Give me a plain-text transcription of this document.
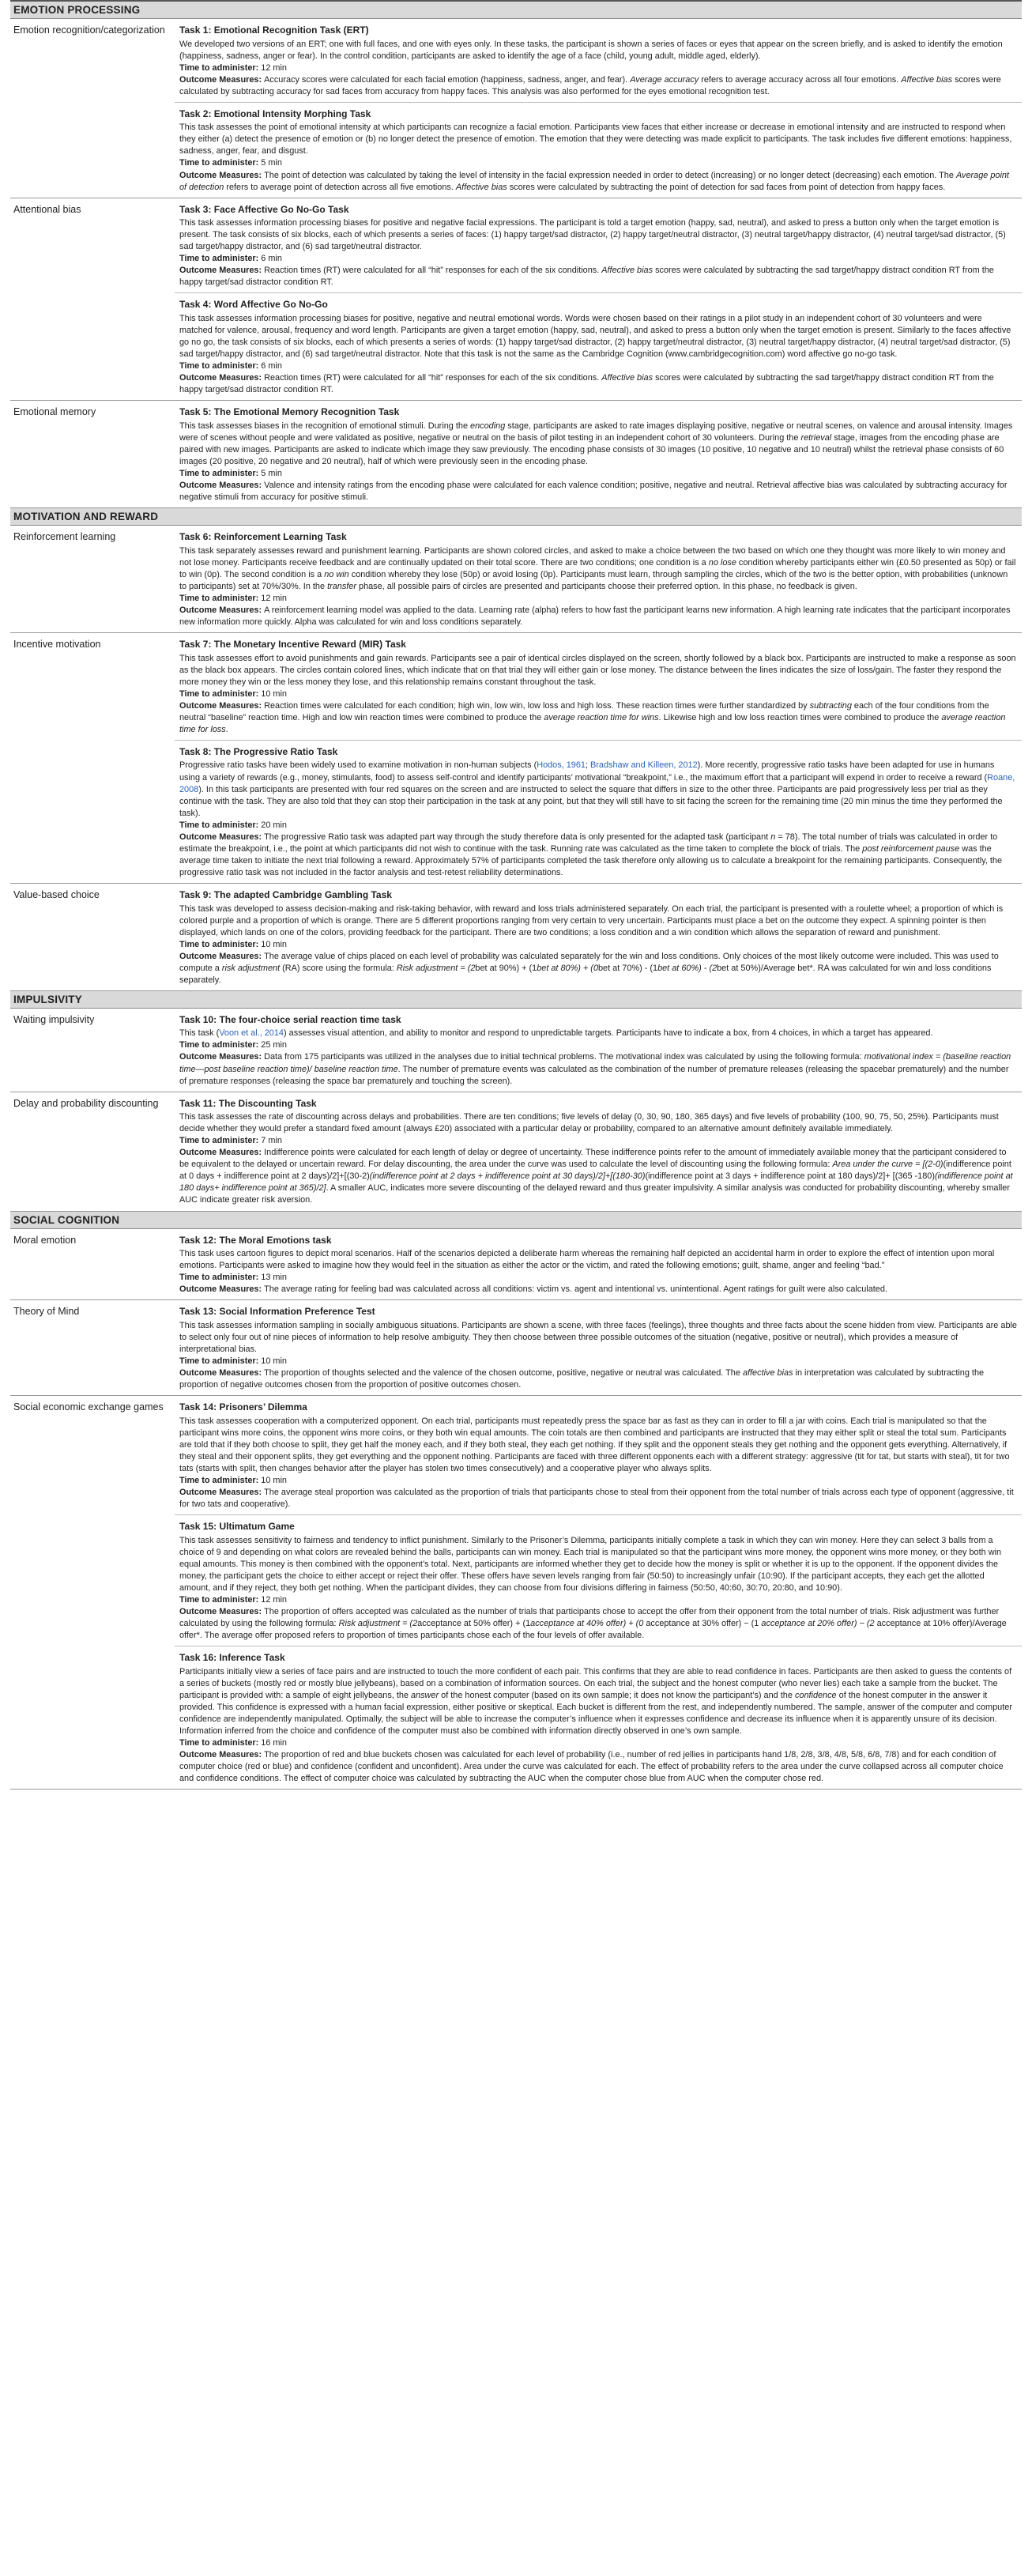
EMOTION PROCESSING
Emotion recognition/categorization	Task 1: Emotional Recognition Task (ERT)

We developed two versions of an ERT; one with full faces, and one with eyes only. In these tasks, the participant is shown a series of faces or eyes that appear on the screen briefly, and is asked to identify the emotion (happiness, sadness, anger or fear). In the control condition, participants are asked to identify the age of a face (child, young adult, middle aged, elderly).

Time to administer: 12 min

Outcome Measures: Accuracy scores were calculated for each facial emotion (happiness, sadness, anger, and fear). Average accuracy refers to average accuracy across all four emotions. Affective bias scores were calculated by subtracting accuracy for sad faces from accuracy from happy faces. This analysis was also performed for the eyes emotional recognition test.

Task 2: Emotional Intensity Morphing Task

This task assesses the point of emotional intensity at which participants can recognize a facial emotion. Participants view faces that either increase or decrease in emotional intensity and are instructed to respond when they either (a) detect the presence of emotion or (b) no longer detect the presence of emotion. The emotion that they were detecting was made explicit to participants. The task includes five different emotions: happiness, sadness, anger, fear, and disgust.

Time to administer: 5 min

Outcome Measures: The point of detection was calculated by taking the level of intensity in the facial expression needed in order to detect (increasing) or no longer detect (decreasing) each emotion. The Average point of detection refers to average point of detection across all five emotions. Affective bias scores were calculated by subtracting the point of detection for sad faces from point of detection from happy faces.

Attentional bias	Task 3: Face Affective Go No-Go Task

This task assesses information processing biases for positive and negative facial expressions. The participant is told a target emotion (happy, sad, neutral), and asked to press a button only when the target emotion is present. The task consists of six blocks, each of which presents a series of faces: (1) happy target/sad distractor, (2) happy target/neutral distractor, (3) neutral target/happy distractor, (4) neutral target/sad distractor, (5) sad target/happy distractor, and (6) sad target/neutral distractor.

Time to administer: 6 min

Outcome Measures: Reaction times (RT) were calculated for all “hit” responses for each of the six conditions. Affective bias scores were calculated by subtracting the sad target/happy distract condition RT from the happy target/sad distractor condition RT.

Task 4: Word Affective Go No-Go

This task assesses information processing biases for positive, negative and neutral emotional words. Words were chosen based on their ratings in a pilot study in an independent cohort of 30 volunteers and were matched for valence, arousal, frequency and word length. Participants are given a target emotion (happy, sad, neutral), and asked to press a button only when the target emotion is present. Similarly to the faces affective go no go, the task consists of six blocks, each of which presents a series of words: (1) happy target/sad distractor, (2) happy target/neutral distractor, (3) neutral target/happy distractor, (4) neutral target/sad distractor, (5) sad target/happy distractor, and (6) sad target/neutral distractor. Note that this task is not the same as the Cambridge Cognition (www.cambridgecognition.com) word affective go no-go task.

Time to administer: 6 min

Outcome Measures: Reaction times (RT) were calculated for all “hit” responses for each of the six conditions. Affective bias scores were calculated by subtracting the sad target/happy distract condition RT from the happy target/sad distractor condition RT.

Emotional memory	Task 5: The Emotional Memory Recognition Task

This task assesses biases in the recognition of emotional stimuli. During the encoding stage, participants are asked to rate images displaying positive, negative or neutral scenes, on valence and arousal intensity. Images were of scenes without people and were validated as positive, negative or neutral on the basis of pilot testing in an independent cohort of 30 volunteers. During the retrieval stage, images from the encoding phase are paired with new images. Participants are asked to indicate which image they saw previously. The encoding phase consists of 30 images (10 positive, 10 negative and 10 neutral) whilst the retrieval phase consists of 60 images (20 positive, 20 negative and 20 neutral), half of which were previously seen in the encoding phase.

Time to administer: 5 min

Outcome Measures: Valence and intensity ratings from the encoding phase were calculated for each valence condition; positive, negative and neutral. Retrieval affective bias was calculated by subtracting accuracy for negative stimuli from accuracy for positive stimuli.

MOTIVATION AND REWARD
Reinforcement learning	Task 6: Reinforcement Learning Task

This task separately assesses reward and punishment learning. Participants are shown colored circles, and asked to make a choice between the two based on which one they thought was more likely to win money and not lose money. Participants receive feedback and are continually updated on their total score. There are two conditions; one condition is a no lose condition whereby participants either win (£0.50 presented as 50p) or fail to win (0p). The second condition is a no win condition whereby they lose (50p) or avoid losing (0p). Participants must learn, through sampling the circles, which of the two is the better option, with probabilities (unknown to participants) set at 70%/30%. In the transfer phase, all possible pairs of circles are presented and participants choose their preferred option. In this phase, no feedback is given.

Time to administer: 12 min

Outcome Measures: A reinforcement learning model was applied to the data. Learning rate (alpha) refers to how fast the participant learns new information. A high learning rate indicates that the participant incorporates new information more quickly. Alpha was calculated for win and loss conditions separately.

Incentive motivation	Task 7: The Monetary Incentive Reward (MIR) Task

This task assesses effort to avoid punishments and gain rewards. Participants see a pair of identical circles displayed on the screen, shortly followed by a black box. Participants are instructed to make a response as soon as the black box appears. The circles contain colored lines, which indicate that on that trial they will either gain or lose money. The distance between the lines indicates the size of loss/gain. The faster they respond the more money they win or the less money they lose, and this relationship remains constant throughout the task.

Time to administer: 10 min

Outcome Measures: Reaction times were calculated for each condition; high win, low win, low loss and high loss. These reaction times were further standardized by subtracting each of the four conditions from the neutral “baseline” reaction time. High and low win reaction times were combined to produce the average reaction time for wins. Likewise high and low loss reaction times were combined to produce the average reaction time for loss.

Task 8: The Progressive Ratio Task

Progressive ratio tasks have been widely used to examine motivation in non-human subjects (Hodos, 1961; Bradshaw and Killeen, 2012). More recently, progressive ratio tasks have been adapted for use in humans using a variety of rewards (e.g., money, stimulants, food) to assess self-control and identify participants’ motivational “breakpoint,” i.e., the maximum effort that a participant will expend in order to receive a reward (Roane, 2008). In this task participants are presented with four red squares on the screen and are instructed to select the square that differs in size to the other three. Participants are paid progressively less per trial as they continue with the task. They are also told that they can stop their participation in the task at any point, but that they will still have to sit facing the screen for the remaining time (20 min minus the time they performed the task).

Time to administer: 20 min

Outcome Measures: The progressive Ratio task was adapted part way through the study therefore data is only presented for the adapted task (participant n = 78). The total number of trials was calculated in order to estimate the breakpoint, i.e., the point at which participants did not wish to continue with the task. Running rate was calculated as the time taken to complete the block of trials. The post reinforcement pause was the average time taken to initiate the next trial following a reward. Approximately 57% of participants completed the task therefore only allowing us to calculate a breakpoint for the remaining participants. Consequently, the progressive ratio task was not included in the factor analysis and test-retest reliability determinations.

Value-based choice	Task 9: The adapted Cambridge Gambling Task

This task was developed to assess decision-making and risk-taking behavior, with reward and loss trials administered separately. On each trial, the participant is presented with a roulette wheel; a proportion of which is colored purple and a proportion of which is orange. There are 5 different proportions ranging from very certain to very uncertain. Participants must place a bet on the outcome they expect. A spinning pointer is then displayed, which lands on one of the colors, providing feedback for the participant. There are two conditions; a loss condition and a win condition which allows the separation of reward and punishment.

Time to administer: 10 min

Outcome Measures: The average value of chips placed on each level of probability was calculated separately for the win and loss conditions. Only choices of the most likely outcome were included. This was used to compute a risk adjustment (RA) score using the formula: Risk adjustment = (2bet at 90%) + (1bet at 80%) + (0bet at 70%) - (1bet at 60%) - (2bet at 50%)/Average bet*. RA was calculated for win and loss conditions separately.

IMPULSIVITY
Waiting impulsivity	Task 10: The four-choice serial reaction time task

This task (Voon et al., 2014) assesses visual attention, and ability to monitor and respond to unpredictable targets. Participants have to indicate a box, from 4 choices, in which a target has appeared.

Time to administer: 25 min

Outcome Measures: Data from 175 participants was utilized in the analyses due to initial technical problems. The motivational index was calculated by using the following formula: motivational index = (baseline reaction time—post baseline reaction time)/ baseline reaction time. The number of premature events was calculated as the combination of the number of premature releases (releasing the spacebar prematurely) and the number of premature responses (releasing the space bar prematurely and touching the screen).

Delay and probability discounting	Task 11: The Discounting Task

This task assesses the rate of discounting across delays and probabilities. There are ten conditions; five levels of delay (0, 30, 90, 180, 365 days) and five levels of probability (100, 90, 75, 50, 25%). Participants must decide whether they would prefer a standard fixed amount (always £20) associated with a particular delay or probability, compared to an alternative amount definitely available immediately.

Time to administer: 7 min

Outcome Measures: Indifference points were calculated for each length of delay or degree of uncertainty. These indifference points refer to the amount of immediately available money that the participant considered to be equivalent to the delayed or uncertain reward. For delay discounting, the area under the curve was used to calculate the level of discounting using the following formula: Area under the curve = [(2-0)(indifference point at 0 days + indifference point at 2 days)/2]+[(30-2)(indifference point at 2 days + indifference point at 30 days)/2]+[(180-30)(indifference point at 3 days + indifference point at 180 days)/2]+ [(365 -180)(indifference point at 180 days+ indifference point at 365)/2]. A smaller AUC, indicates more severe discounting of the delayed reward and thus greater impulsivity. A similar analysis was conducted for probability discounting, whereby smaller AUC indicate greater risk aversion.

SOCIAL COGNITION
Moral emotion	Task 12: The Moral Emotions task

This task uses cartoon figures to depict moral scenarios. Half of the scenarios depicted a deliberate harm whereas the remaining half depicted an accidental harm in order to explore the effect of intention upon moral emotions. Participants were asked to imagine how they would feel in the situation as either the actor or the victim, and rated the following emotions; guilt, shame, anger and feeling “bad.”

Time to administer: 13 min

Outcome Measures: The average rating for feeling bad was calculated across all conditions: victim vs. agent and intentional vs. unintentional. Agent ratings for guilt were also calculated.

Theory of Mind	Task 13: Social Information Preference Test

This task assesses information sampling in socially ambiguous situations. Participants are shown a scene, with three faces (feelings), three thoughts and three facts about the scene hidden from view. Participants are able to select only four out of nine pieces of information to help resolve ambiguity. They then choose between three possible outcomes of the situation (negative, positive or neutral), which provides a measure of interpretational bias.

Time to administer: 10 min

Outcome Measures: The proportion of thoughts selected and the valence of the chosen outcome, positive, negative or neutral was calculated. The affective bias in interpretation was calculated by subtracting the proportion of negative outcomes chosen from the proportion of positive outcomes chosen.

Social economic exchange games	Task 14: Prisoners’ Dilemma

This task assesses cooperation with a computerized opponent. On each trial, participants must repeatedly press the space bar as fast as they can in order to fill a jar with coins. Each trial is manipulated so that the participant wins more coins, the opponent wins more coins, or they both win equal amounts. The coin totals are then combined and participants are instructed that they may either split or steal the total sum. Participants are told that if they both choose to split, they get half the money each, and if they both steal, they each get nothing. If they split and the opponent steals they get nothing and the opponent gets everything. Alternatively, if they steal and their opponent splits, they get everything and the opponent nothing. Participants are faced with three different opponents each with a different strategy: aggressive (tit for tat, but starts with steal), tit for two tats (starts with split, then changes behavior after the player has stolen two times consecutively) and a cooperative player who always splits.

Time to administer: 10 min

Outcome Measures: The average steal proportion was calculated as the proportion of trials that participants chose to steal from their opponent from the total number of trials across each type of opponent (aggressive, tit for two tats and cooperative).

Task 15: Ultimatum Game

This task assesses sensitivity to fairness and tendency to inflict punishment. Similarly to the Prisoner’s Dilemma, participants initially complete a task in which they can win money. Here they can select 3 balls from a choice of 9 and depending on what colors are revealed behind the balls, participants can win money. Each trial is manipulated so that the participant wins more money, the opponent wins more money, or they both win equal amounts. This money is then combined with the opponent’s total. Next, participants are informed whether they get to decide how the money is split or whether it is up to the opponent. If the opponent divides the money, the participant gets the choice to either accept or reject their offer. These offers have seven levels ranging from fair (50:50) to increasingly unfair (10:90). If the participant accepts, they each get the allotted amount, and if they reject, they both get nothing. When the participant divides, they can choose from four divisions differing in fairness (50:50, 40:60, 30:70, 20:80, and 10:90).

Time to administer: 12 min

Outcome Measures: The proportion of offers accepted was calculated as the number of trials that participants chose to accept the offer from their opponent from the total number of trials. Risk adjustment was further calculated by using the following formula: Risk adjustment = (2acceptance at 50% offer) + (1acceptance at 40% offer) + (0 acceptance at 30% offer) − (1 acceptance at 20% offer) − (2 acceptance at 10% offer)/Average offer*. The average offer proposed refers to proportion of times participants chose each of the four levels of offer available.

Task 16: Inference Task

Participants initially view a series of face pairs and are instructed to touch the more confident of each pair. This confirms that they are able to read confidence in faces. Participants are then asked to guess the contents of a series of buckets (mostly red or mostly blue jellybeans), based on a combination of information sources. On each trial, the subject and the honest computer (who never lies) each take a sample from the bucket. The participant is provided with: a sample of eight jellybeans, the answer of the honest computer (based on its own sample; it does not know the participant’s) and the confidence of the honest computer in the answer it provided. This confidence is expressed with a human facial expression, either positive or skeptical. Each bucket is different from the rest, and independently numbered. The sample, answer of the computer and computer confidence are independently manipulated. Optimally, the subject will be able to increase the computer’s influence when it expresses confidence and decrease its influence when it is apparently unsure of its decision. Information inferred from the choice and confidence of the computer must also be combined with information directly observed in one’s own sample.

Time to administer: 16 min

Outcome Measures: The proportion of red and blue buckets chosen was calculated for each level of probability (i.e., number of red jellies in participants hand 1/8, 2/8, 3/8, 4/8, 5/8, 6/8, 7/8) and for each condition of computer choice (red or blue) and confidence (confident and unconfident). Area under the curve was calculated for each. The effect of probability refers to the area under the curve collapsed across all computer choice and confidence conditions. The effect of computer choice was calculated by subtracting the AUC when the computer chose blue from AUC when the computer chose red.
